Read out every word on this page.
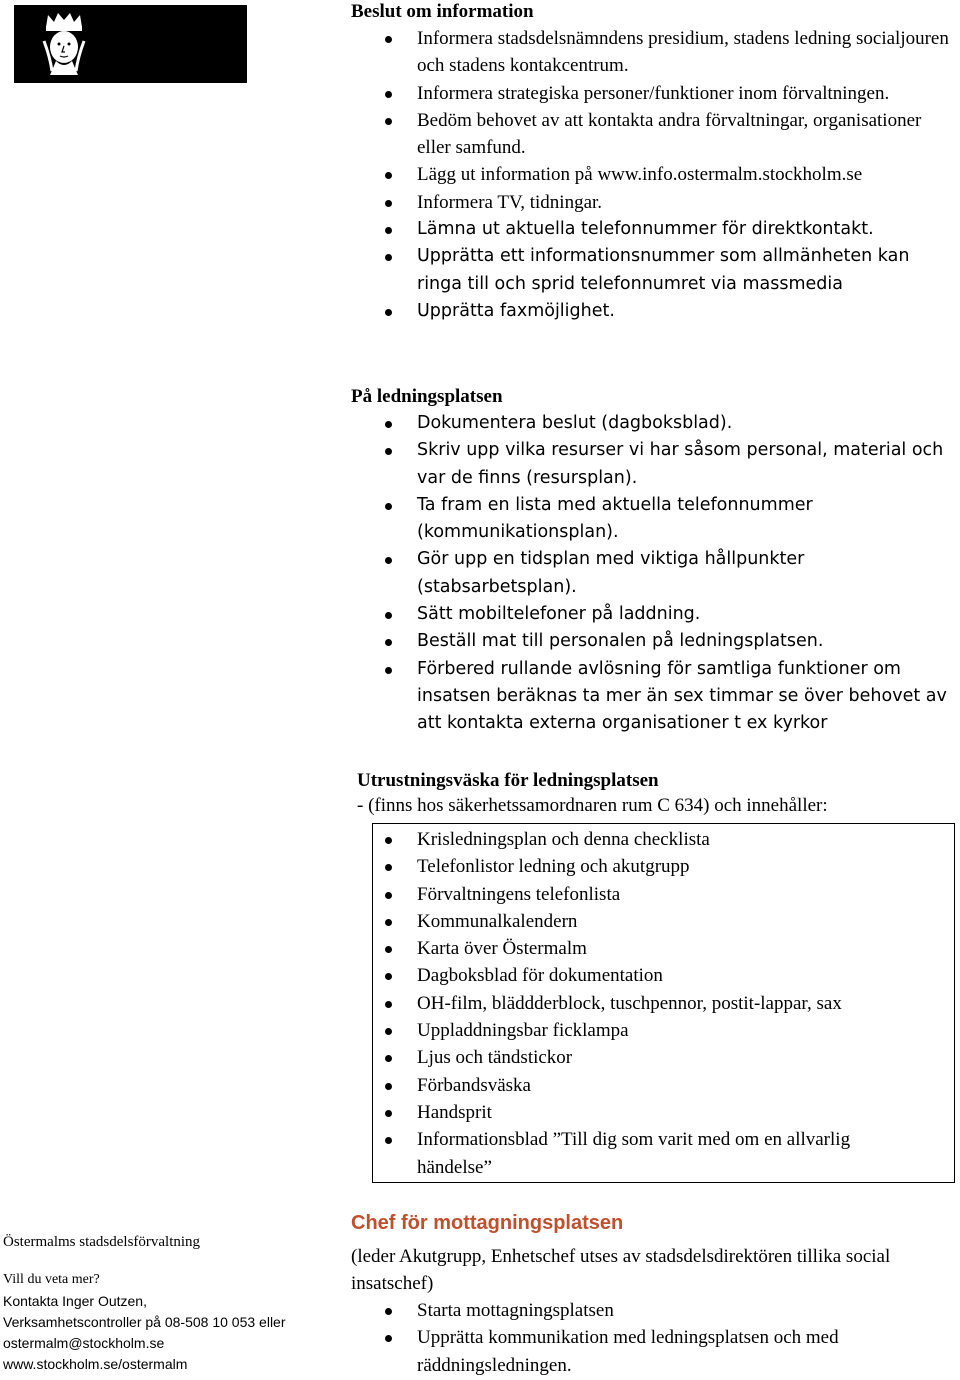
Beslut om information
Informera stadsdelsnämndens presidium, stadens ledning socialjouren och stadens kontakcentrum.
Informera strategiska personer/funktioner inom förvaltningen.
Bedöm behovet av att kontakta andra förvaltningar, organisationer eller samfund.
Lägg ut information på www.info.ostermalm.stockholm.se
Informera TV, tidningar.
Lämna ut aktuella telefonnummer för direktkontakt.
Upprätta ett informationsnummer som allmänheten kan ringa till och sprid telefonnumret via massmedia
Upprätta faxmöjlighet.
På ledningsplatsen
Dokumentera beslut (dagboksblad).
Skriv upp vilka resurser vi har såsom personal, material och var de finns (resursplan).
Ta fram en lista med aktuella telefonnummer (kommunikationsplan).
Gör upp en tidsplan med viktiga hållpunkter (stabsarbetsplan).
Sätt mobiltelefoner på laddning.
Beställ mat till personalen på ledningsplatsen.
Förbered rullande avlösning för samtliga funktioner om insatsen beräknas ta mer än sex timmar se över behovet av att kontakta externa organisationer t ex kyrkor
Utrustningsväska för ledningsplatsen
- (finns hos säkerhetssamordnaren rum C 634) och innehåller:
Krisledningsplan och denna checklista
Telefonlistor ledning och akutgrupp
Förvaltningens telefonlista
Kommunalkalendern
Karta över Östermalm
Dagboksblad för dokumentation
OH-film, bläddderblock, tuschpennor, postit-lappar, sax
Uppladdningsbar ficklampa
Ljus och tändstickor
Förbandsväska
Handsprit
Informationsblad ”Till dig som varit med om en allvarlig händelse”
Chef för mottagningsplatsen
(leder Akutgrupp, Enhetschef utses av stadsdelsdirektören tillika social insatschef)
Starta mottagningsplatsen
Upprätta kommunikation med ledningsplatsen och med räddningsledningen.
Östermalms stadsdelsförvaltning
Vill du veta mer?
Kontakta Inger Outzen,
Verksamhetscontroller på 08-508 10 053 eller
ostermalm@stockholm.se
www.stockholm.se/ostermalm
